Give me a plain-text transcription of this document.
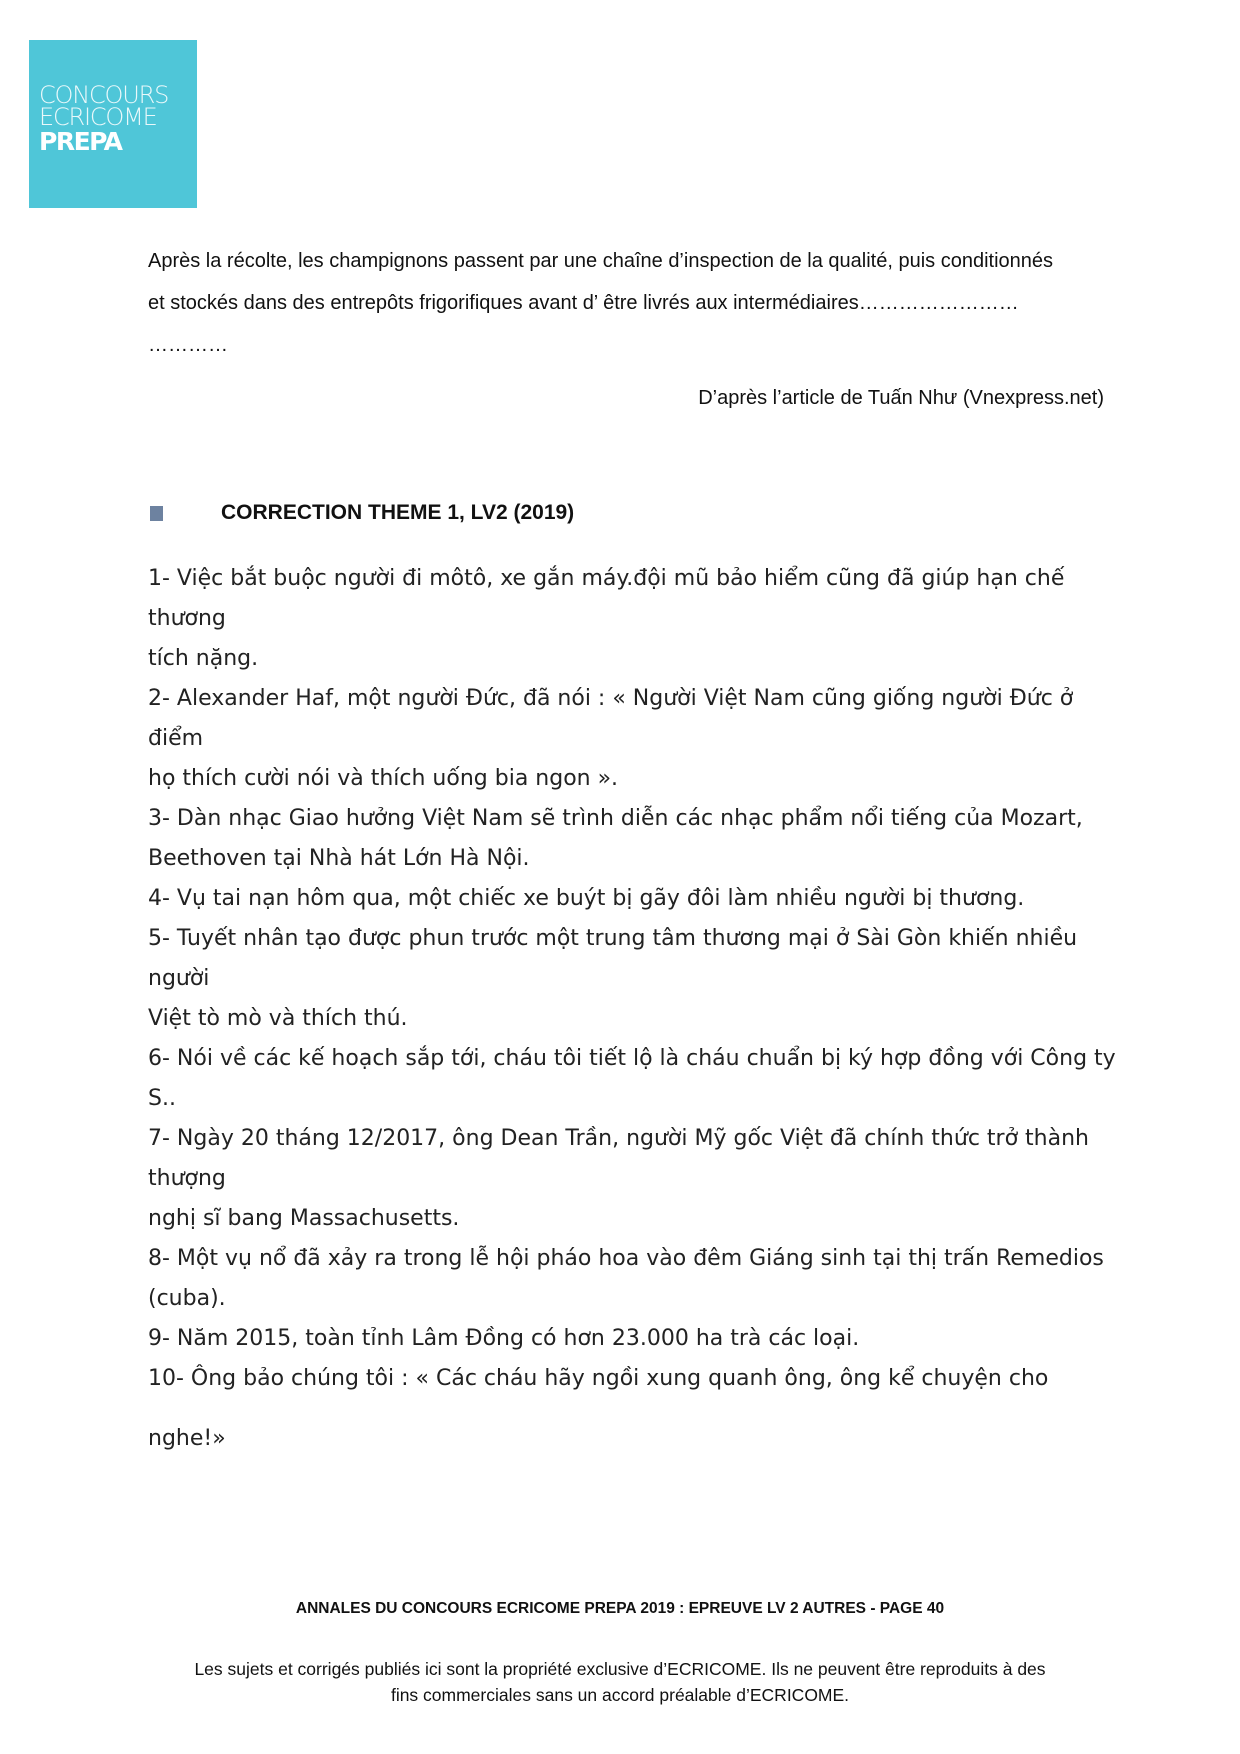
CONCOURS
ECRICOME
PREPA

Après la récolte, les champignons passent par une chaîne d’inspection de la qualité, puis conditionnés

et stockés dans des entrepôts frigorifiques avant d’ être livrés aux intermédiaires……………………

…………

D’après l’article de Tuấn Như (Vnexpress.net)
CORRECTION THEME 1, LV2 (2019)

1- Việc bắt buộc người đi môtô, xe gắn máy.đội mũ bảo hiểm cũng đã giúp hạn chế

thương

tích nặng.

2- Alexander Haf, một người Đức, đã nói : « Người Việt Nam cũng giống người Đức ở

điểm

họ thích cười nói và thích uống bia ngon ».

3- Dàn nhạc Giao hưởng Việt Nam sẽ trình diễn các nhạc phẩm nổi tiếng của Mozart,

Beethoven tại Nhà hát Lớn Hà Nội.

4- Vụ tai nạn hôm qua, một chiếc xe buýt bị gãy đôi làm nhiều người bị thương.

5- Tuyết nhân tạo được phun trước một trung tâm thương mại ở Sài Gòn khiến nhiều

người

Việt tò mò và thích thú.

6- Nói về các kế hoạch sắp tới, cháu tôi tiết lộ là cháu chuẩn bị ký hợp đồng với Công ty

S..

7- Ngày 20 tháng 12/2017, ông Dean Trần, người Mỹ gốc Việt đã chính thức trở thành

thượng

nghị sĩ bang Massachusetts.

8- Một vụ nổ đã xảy ra trong lễ hội pháo hoa vào đêm Giáng sinh tại thị trấn Remedios

(cuba).

9- Năm 2015, toàn tỉnh Lâm Đồng có hơn 23.000 ha trà các loại.

10- Ông bảo chúng tôi : « Các cháu hãy ngồi xung quanh ông, ông kể chuyện cho

nghe!»

ANNALES DU CONCOURS ECRICOME PREPA 2019 : EPREUVE LV 2 AUTRES - PAGE 40
Les sujets et corrigés publiés ici sont la propriété exclusive d’ECRICOME. Ils ne peuvent être reproduits à des
fins commerciales sans un accord préalable d’ECRICOME.
